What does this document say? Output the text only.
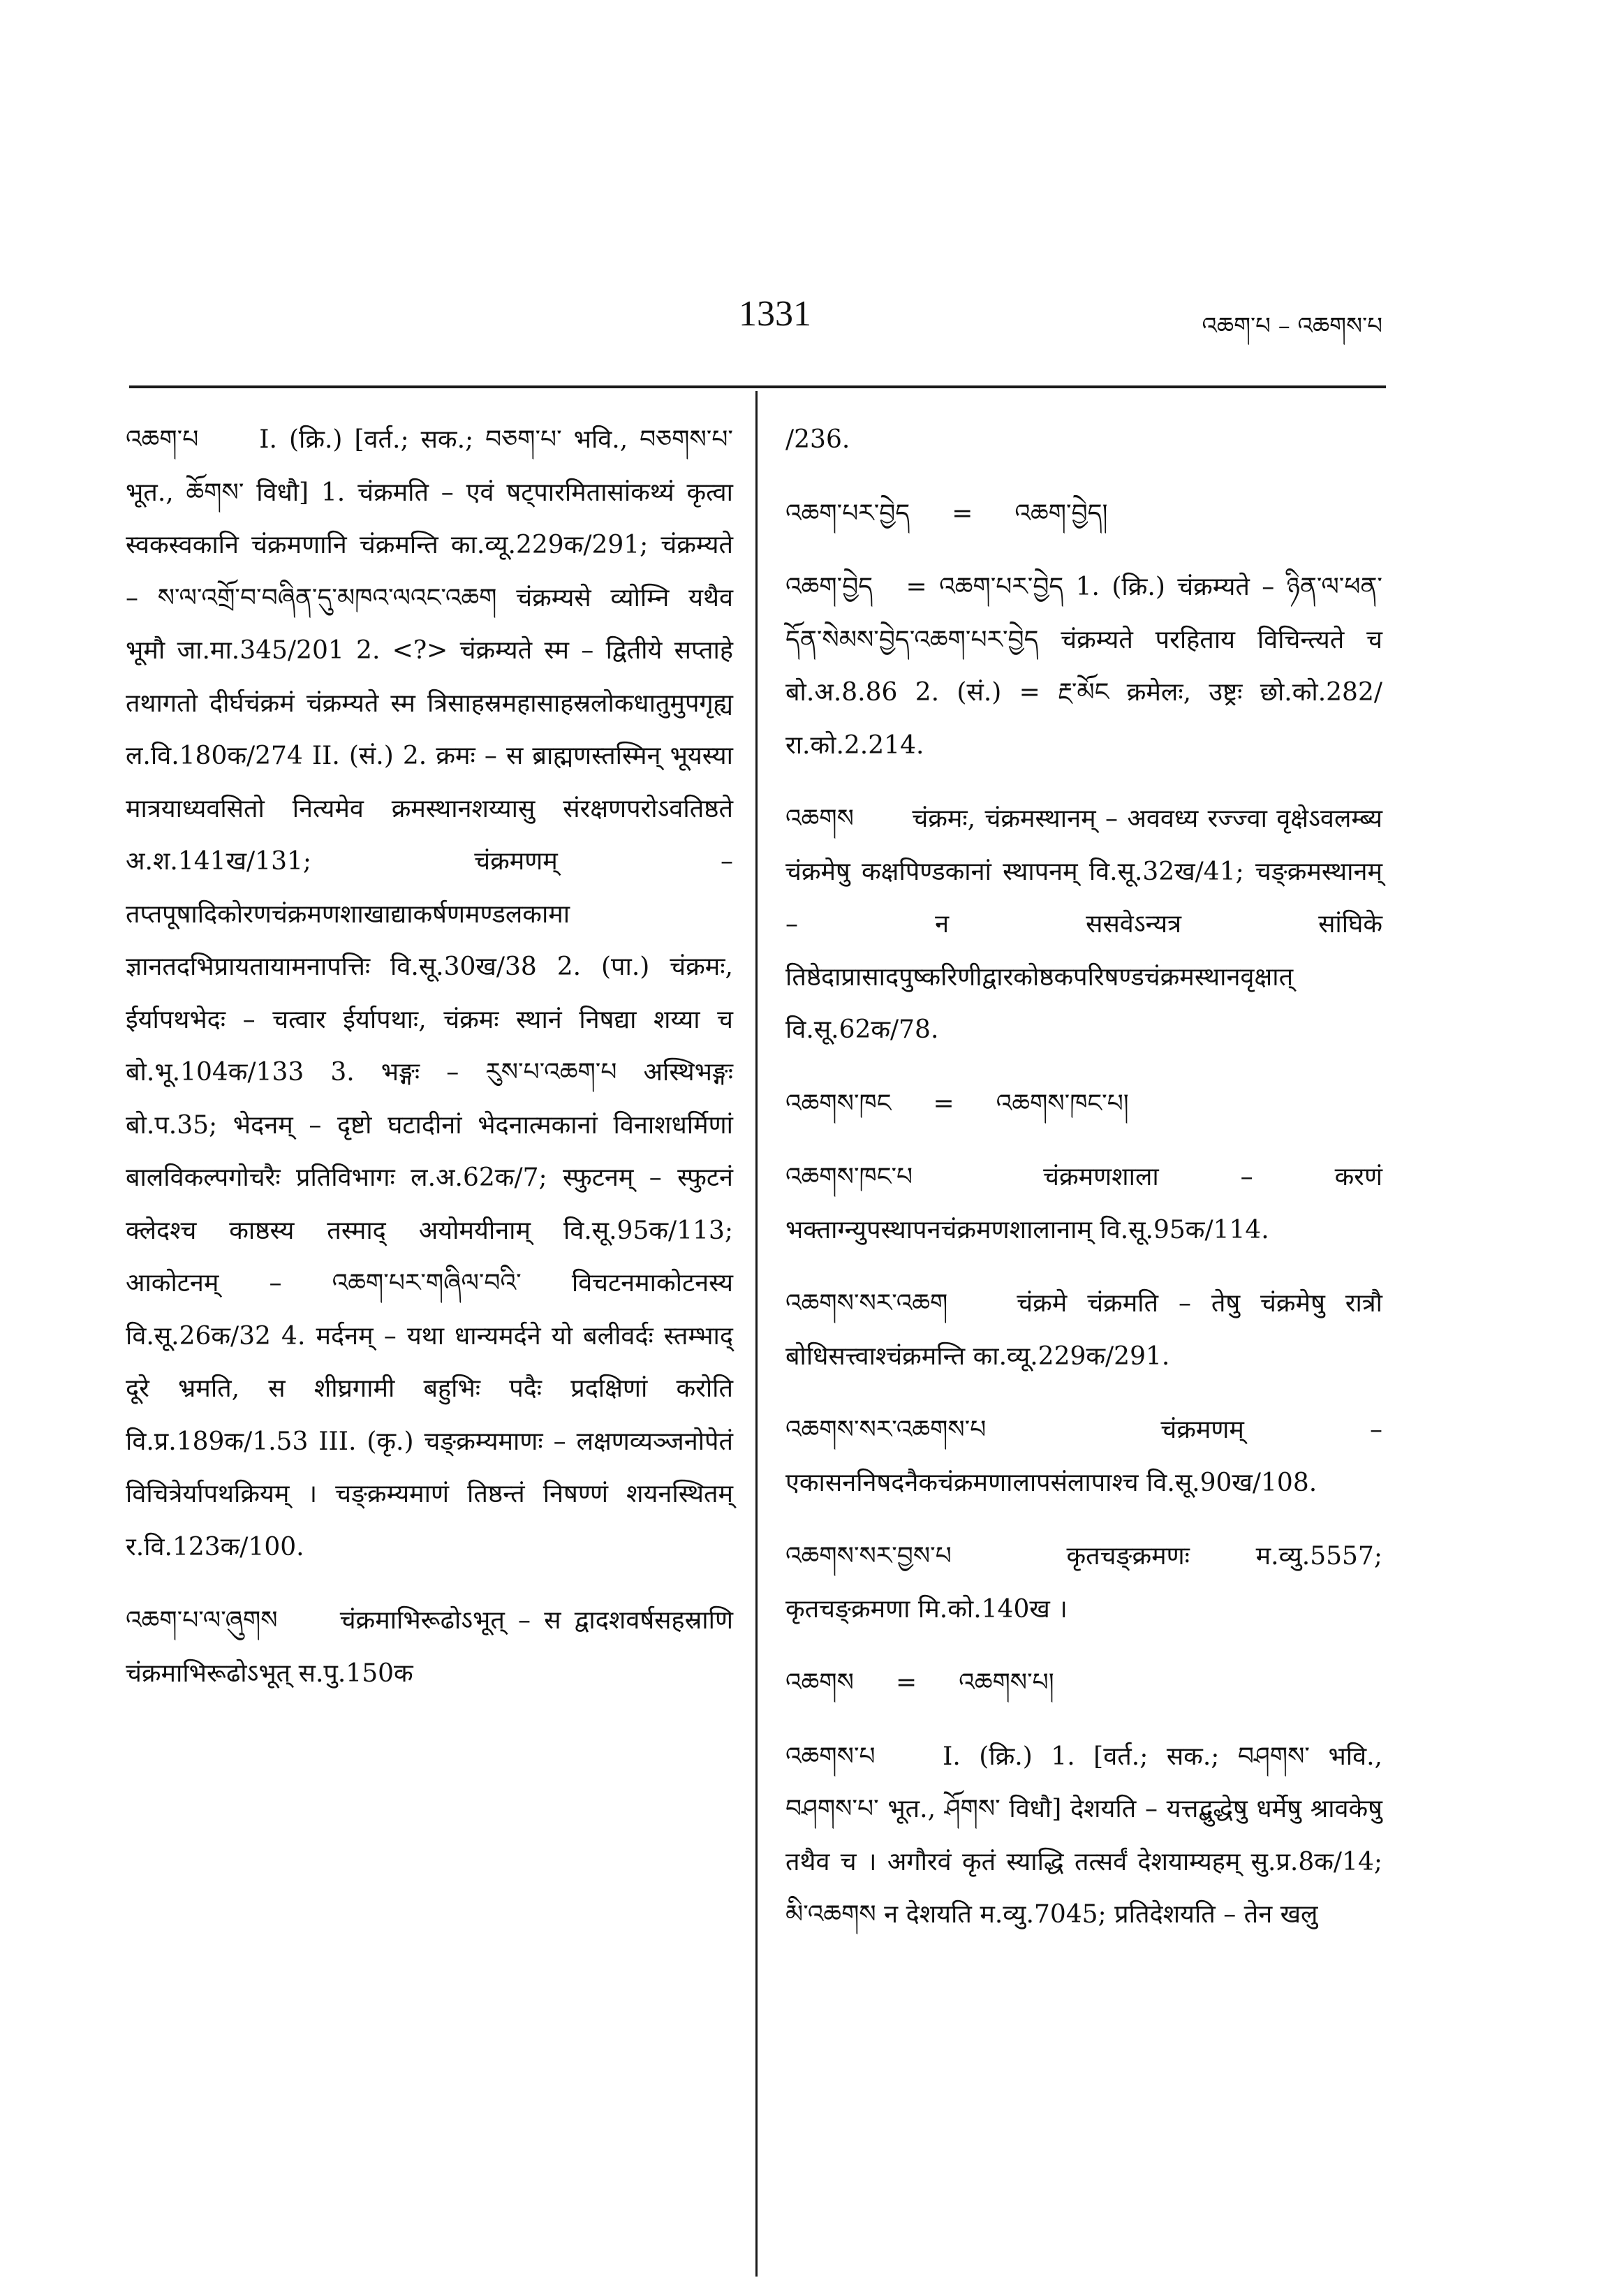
1331	འཆག་པ – འཆགས་པ
འཆག་པ I. (क्रि.) [वर्त.; सक.; བཅག་པ་ भवि., བཅགས་པ་ भूत., ཆོགས་ विधौ] 1. चंक्रमति – एवं षट्पारमितासांकथ्यं कृत्वा स्वकस्वकानि चंक्रमणानि चंक्रमन्ति का.व्यू.229क/291; चंक्रम्यते – ས་ལ་འགྲོ་བ་བཞིན་དུ་མཁའ་ལའང་འཆག चंक्रम्यसे व्योम्नि यथैव भूमौ जा.मा.345/201 2. <?> चंक्रम्यते स्म – द्वितीये सप्ताहे तथागतो दीर्घचंक्रमं चंक्रम्यते स्म त्रिसाहस्रमहासाहस्रलोकधातुमुपगृह्य ल.वि.180क/274 II. (सं.) 2. क्रमः – स ब्राह्मणस्तस्मिन् भूयस्या मात्रयाध्यवसितो नित्यमेव क्रमस्थानशय्यासु संरक्षणपरोऽवतिष्ठते अ.श.141ख/131; चंक्रमणम् – तप्तपूषादिकोरणचंक्रमणशाखाद्याकर्षणमण्डलकामा ज्ञानतदभिप्रायतायामनापत्तिः वि.सू.30ख/38 2. (पा.) चंक्रमः, ईर्यापथभेदः – चत्वार ईर्यापथाः, चंक्रमः स्थानं निषद्या शय्या च बो.भू.104क/133 3. भङ्गः – རུས་པ་འཆག་པ अस्थिभङ्गः बो.प.35; भेदनम् – दृष्टो घटादीनां भेदनात्मकानां विनाशधर्मिणां बालविकल्पगोचरैः प्रतिविभागः ल.अ.62क/7; स्फुटनम् – स्फुटनं क्लेदश्च काष्ठस्य तस्माद् अयोमयीनाम् वि.सू.95क/113; आकोटनम् – འཆག་པར་གཞིལ་བའི་ विचटनमाकोटनस्य वि.सू.26क/32 4. मर्दनम् – यथा धान्यमर्दने यो बलीवर्दः स्तम्भाद् दूरे भ्रमति, स शीघ्रगामी बहुभिः पदैः प्रदक्षिणां करोति वि.प्र.189क/1.53 III. (कृ.) चङ्क्रम्यमाणः – लक्षणव्यञ्जनोपेतं विचित्रेर्यापथक्रियम् । चङ्क्रम्यमाणं तिष्ठन्तं निषण्णं शयनस्थितम् र.वि.123क/100.
འཆག་པ་ལ་ཞུགས चंक्रमाभिरूढोऽभूत् – स द्वादशवर्षसहस्राणि चंक्रमाभिरूढोऽभूत् स.पु.150क
/236.
འཆག་པར་བྱེད = འཆག་བྱེད།
འཆག་བྱེད = འཆག་པར་བྱེད 1. (क्रि.) चंक्रम्यते – ཉིན་ལ་ཕན་དོན་སེམས་བྱེད་འཆག་པར་བྱེད चंक्रम्यते परहिताय विचिन्त्यते च बो.अ.8.86 2. (सं.) = རྔ་མོང क्रमेलः, उष्ट्रः छो.को.282/रा.को.2.214.
འཆགས चंक्रमः, चंक्रमस्थानम् – अववध्य रज्ज्वा वृक्षेऽवलम्ब्य चंक्रमेषु कक्षपिण्डकानां स्थापनम् वि.सू.32ख/41; चङ्क्रमस्थानम् – न ससवेऽन्यत्र सांघिके तिष्ठेदाप्रासादपुष्करिणीद्वारकोष्ठकपरिषण्डचंक्रमस्थानवृक्षात् वि.सू.62क/78.
འཆགས་ཁང = འཆགས་ཁང་པ།
འཆགས་ཁང་པ	चंक्रमणशाला – करणं भक्ताग्न्युपस्थापनचंक्रमणशालानाम् वि.सू.95क/114.
འཆགས་སར་འཆག	चंक्रमे चंक्रमति – तेषु चंक्रमेषु रात्रौ बोधिसत्त्वाश्चंक्रमन्ति का.व्यू.229क/291.
འཆགས་སར་འཆགས་པ	चंक्रमणम् – एकासननिषदनैकचंक्रमणालापसंलापाश्च वि.सू.90ख/108.
འཆགས་སར་བྱས་པ	कृतचङ्क्रमणः म.व्यु.5557; कृतचङ्क्रमणा मि.को.140ख ।
འཆགས = འཆགས་པ།
འཆགས་པ	I. (क्रि.) 1. [वर्त.; सक.; བཤགས་ भवि., བཤགས་པ་ भूत., ཤོགས་ विधौ] देशयति – यत्तद्बुद्धेषु धर्मेषु श्रावकेषु तथैव च । अगौरवं कृतं स्याद्धि तत्सर्वं देशयाम्यहम् सु.प्र.8क/14; མི་འཆགས न देशयति म.व्यु.7045; प्रतिदेशयति – तेन खलु
